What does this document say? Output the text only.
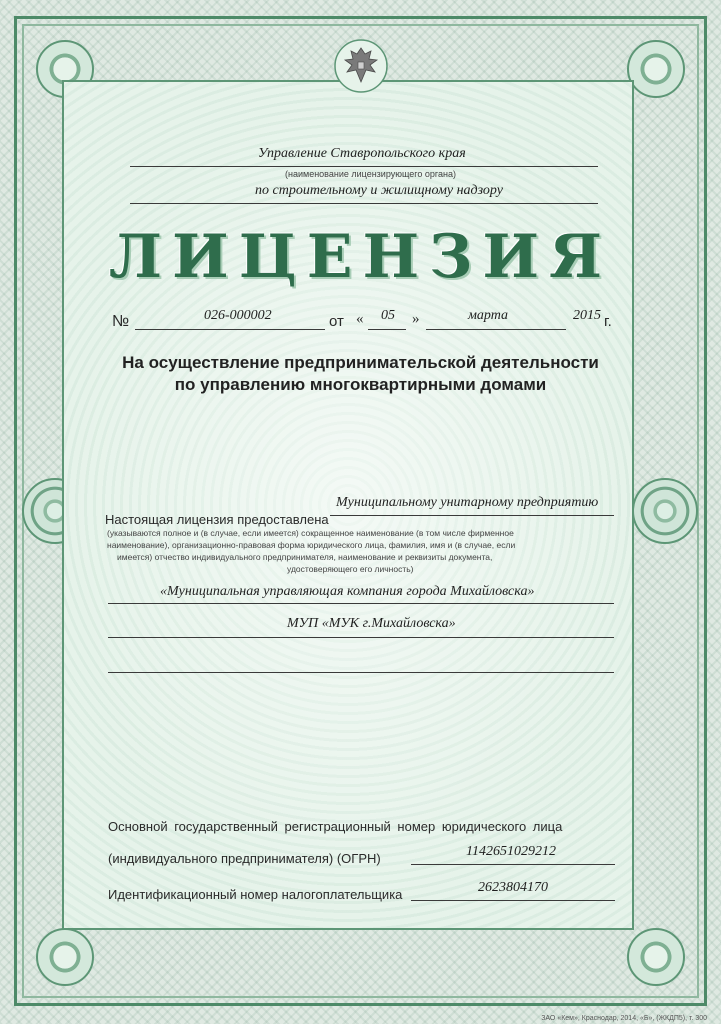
Управление Ставропольского края
(наименование лицензирующего органа)
по строительному и жилищному надзору
ЛИЦЕНЗИЯ
№	026-000002	от « 05 »	марта	2015 г.
На осуществление предпринимательской деятельности
по управлению многоквартирными домами
Муниципальному унитарному предприятию
Настоящая лицензия предоставлена
(указываются полное и (в случае, если имеется) сокращенное наименование (в том числе фирменное
наименование), организационно-правовая форма юридического лица, фамилия, имя и (в случае, если
имеется) отчество индивидуального предпринимателя, наименование и реквизиты документа,
удостоверяющего его личность)
«Муниципальная управляющая компания города Михайловска»
МУП «МУК г.Михайловска»
Основной государственный регистрационный номер юридического лица
(индивидуального предпринимателя) (ОГРН)	1142651029212
Идентификационный номер налогоплательщика	2623804170
ЗАО «Кем», Краснодар, 2014, «Б», (ЖКДП5), т. 300
